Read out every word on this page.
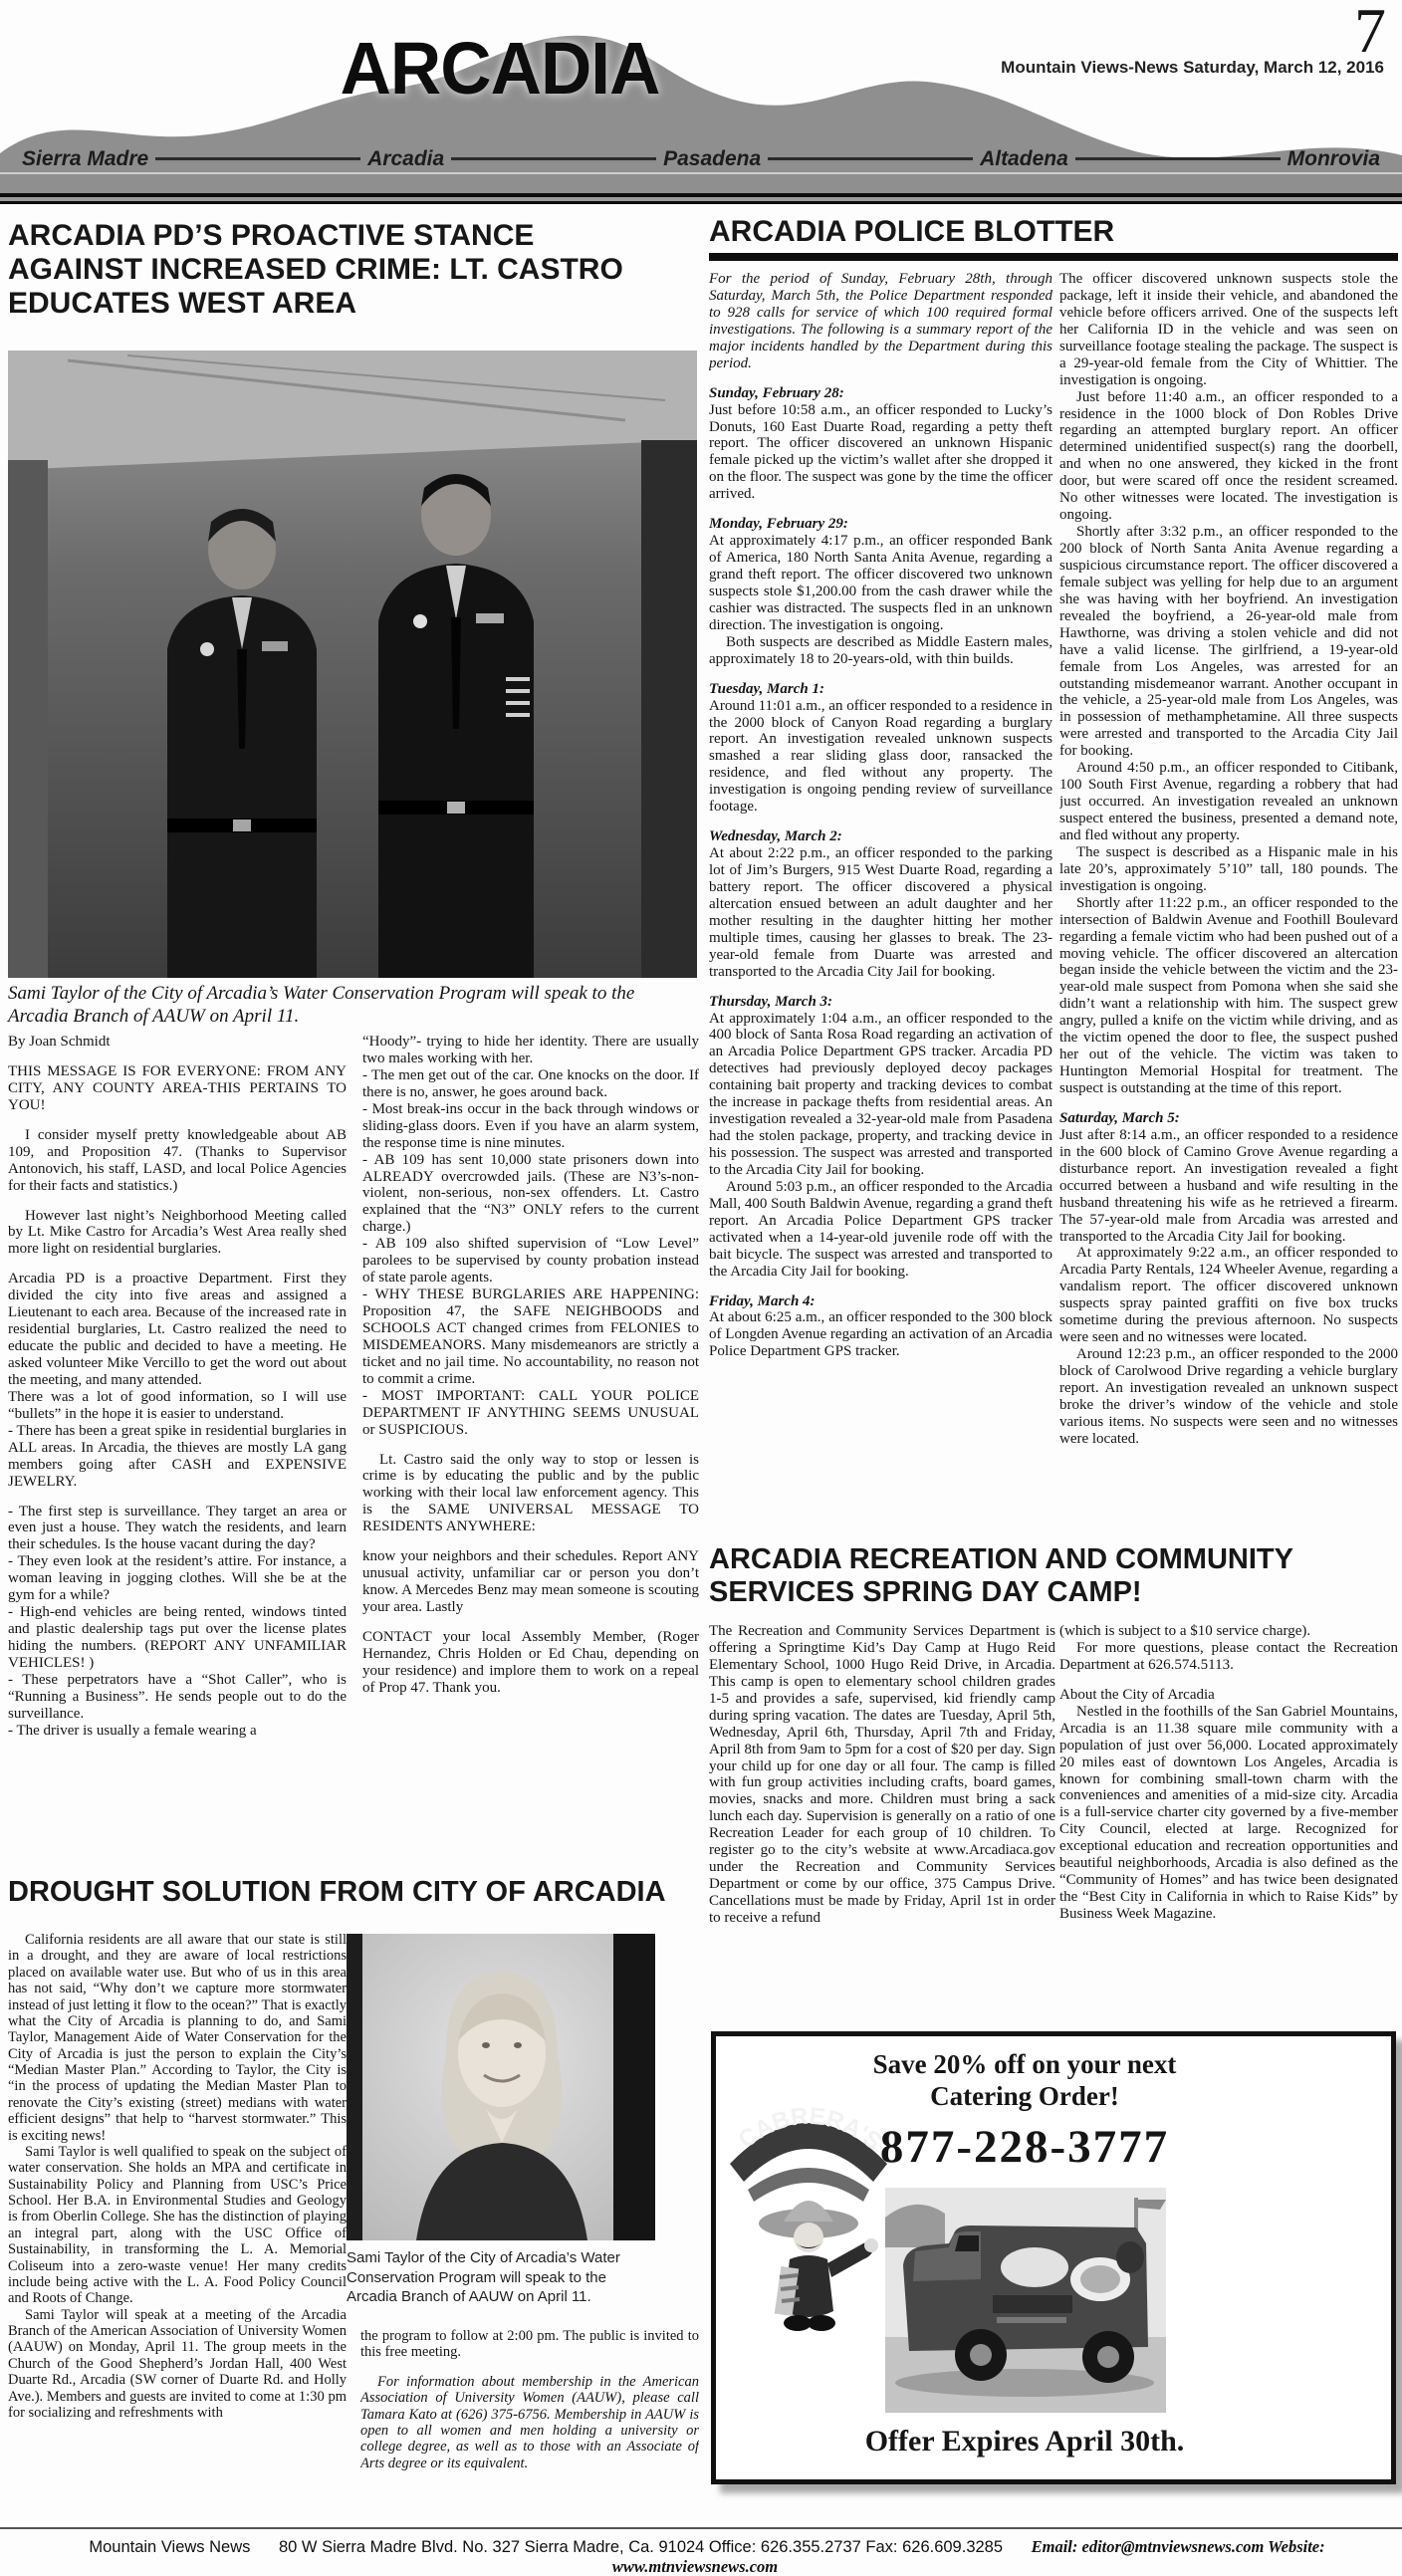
ARCADIA	7
Mountain Views-News Saturday, March 12, 2016
Sierra Madre	Arcadia	Pasadena	Altadena	Monrovia
ARCADIA PD’S PROACTIVE STANCE AGAINST INCREASED CRIME: LT. CASTRO EDUCATES WEST AREA
Sami Taylor of the City of Arcadia’s Water Conservation Program will speak to the Arcadia Branch of AAUW on April 11.

By Joan Schmidt

THIS MESSAGE IS FOR EVERYONE: FROM ANY CITY, ANY COUNTY AREA-THIS PERTAINS TO YOU!

I consider myself pretty knowledgeable about AB 109, and Proposition 47. (Thanks to Supervisor Antonovich, his staff, LASD, and local Police Agencies for their facts and statistics.)

However last night’s Neighborhood Meeting called by Lt. Mike Castro for Arcadia’s West Area really shed more light on residential burglaries.

Arcadia PD is a proactive Department. First they divided the city into five areas and assigned a Lieutenant to each area. Because of the increased rate in residential burglaries, Lt. Castro realized the need to educate the public and decided to have a meeting. He asked volunteer Mike Vercillo to get the word out about the meeting, and many attended.

There was a lot of good information, so I will use “bullets” in the hope it is easier to understand.

- There has been a great spike in residential burglaries in ALL areas. In Arcadia, the thieves are mostly LA gang members going after CASH and EXPENSIVE JEWELRY.

- The first step is surveillance. They target an area or even just a house. They watch the residents, and learn their schedules. Is the house vacant during the day?

- They even look at the resident’s attire. For instance, a woman leaving in jogging clothes. Will she be at the gym for a while?

- High-end vehicles are being rented, windows tinted and plastic dealership tags put over the license plates hiding the numbers. (REPORT ANY UNFAMILIAR VEHICLES! )

- These perpetrators have a “Shot Caller”, who is “Running a Business”. He sends people out to do the surveillance.

- The driver is usually a female wearing a

“Hoody”- trying to hide her identity. There are usually two males working with her.

- The men get out of the car. One knocks on the door. If there is no, answer, he goes around back.

- Most break-ins occur in the back through windows or sliding-glass doors. Even if you have an alarm system, the response time is nine minutes.

- AB 109 has sent 10,000 state prisoners down into ALREADY overcrowded jails. (These are N3’s-non-violent, non-serious, non-sex offenders. Lt. Castro explained that the “N3” ONLY refers to the current charge.)

- AB 109 also shifted supervision of “Low Level” parolees to be supervised by county probation instead of state parole agents.

- WHY THESE BURGLARIES ARE HAPPENING: Proposition 47, the SAFE NEIGHBOODS and SCHOOLS ACT changed crimes from FELONIES to MISDEMEANORS. Many misdemeanors are strictly a ticket and no jail time. No accountability, no reason not to commit a crime.

- MOST IMPORTANT: CALL YOUR POLICE DEPARTMENT IF ANYTHING SEEMS UNUSUAL or SUSPICIOUS.

Lt. Castro said the only way to stop or lessen is crime is by educating the public and by the public working with their local law enforcement agency. This is the SAME UNIVERSAL MESSAGE TO RESIDENTS ANYWHERE:

know your neighbors and their schedules. Report ANY unusual activity, unfamiliar car or person you don’t know. A Mercedes Benz may mean someone is scouting your area. Lastly

CONTACT your local Assembly Member, (Roger Hernandez, Chris Holden or Ed Chau, depending on your residence) and implore them to work on a repeal of Prop 47. Thank you.

ARCADIA POLICE BLOTTER

For the period of Sunday, February 28th, through Saturday, March 5th, the Police Department responded to 928 calls for service of which 100 required formal investigations. The following is a summary report of the major incidents handled by the Department during this period.

Sunday, February 28:
Just before 10:58 a.m., an officer responded to Lucky’s Donuts, 160 East Duarte Road, regarding a petty theft report. The officer discovered an unknown Hispanic female picked up the victim’s wallet after she dropped it on the floor. The suspect was gone by the time the officer arrived.

Monday, February 29:
At approximately 4:17 p.m., an officer responded Bank of America, 180 North Santa Anita Avenue, regarding a grand theft report. The officer discovered two unknown suspects stole $1,200.00 from the cash drawer while the cashier was distracted. The suspects fled in an unknown direction. The investigation is ongoing.

Both suspects are described as Middle Eastern males, approximately 18 to 20-years-old, with thin builds.

Tuesday, March 1:
Around 11:01 a.m., an officer responded to a residence in the 2000 block of Canyon Road regarding a burglary report. An investigation revealed unknown suspects smashed a rear sliding glass door, ransacked the residence, and fled without any property. The investigation is ongoing pending review of surveillance footage.

Wednesday, March 2:
At about 2:22 p.m., an officer responded to the parking lot of Jim’s Burgers, 915 West Duarte Road, regarding a battery report. The officer discovered a physical altercation ensued between an adult daughter and her mother resulting in the daughter hitting her mother multiple times, causing her glasses to break. The 23-year-old female from Duarte was arrested and transported to the Arcadia City Jail for booking.

Thursday, March 3:
At approximately 1:04 a.m., an officer responded to the 400 block of Santa Rosa Road regarding an activation of an Arcadia Police Department GPS tracker. Arcadia PD detectives had previously deployed decoy packages containing bait property and tracking devices to combat the increase in package thefts from residential areas. An investigation revealed a 32-year-old male from Pasadena had the stolen package, property, and tracking device in his possession. The suspect was arrested and transported to the Arcadia City Jail for booking.

Around 5:03 p.m., an officer responded to the Arcadia Mall, 400 South Baldwin Avenue, regarding a grand theft report. An Arcadia Police Department GPS tracker activated when a 14-year-old juvenile rode off with the bait bicycle. The suspect was arrested and transported to the Arcadia City Jail for booking.

Friday, March 4:
At about 6:25 a.m., an officer responded to the 300 block of Longden Avenue regarding an activation of an Arcadia Police Department GPS tracker.

The officer discovered unknown suspects stole the package, left it inside their vehicle, and abandoned the vehicle before officers arrived. One of the suspects left her California ID in the vehicle and was seen on surveillance footage stealing the package. The suspect is a 29-year-old female from the City of Whittier. The investigation is ongoing.

Just before 11:40 a.m., an officer responded to a residence in the 1000 block of Don Robles Drive regarding an attempted burglary report. An officer determined unidentified suspect(s) rang the doorbell, and when no one answered, they kicked in the front door, but were scared off once the resident screamed. No other witnesses were located. The investigation is ongoing.

Shortly after 3:32 p.m., an officer responded to the 200 block of North Santa Anita Avenue regarding a suspicious circumstance report. The officer discovered a female subject was yelling for help due to an argument she was having with her boyfriend. An investigation revealed the boyfriend, a 26-year-old male from Hawthorne, was driving a stolen vehicle and did not have a valid license. The girlfriend, a 19-year-old female from Los Angeles, was arrested for an outstanding misdemeanor warrant. Another occupant in the vehicle, a 25-year-old male from Los Angeles, was in possession of methamphetamine. All three suspects were arrested and transported to the Arcadia City Jail for booking.

Around 4:50 p.m., an officer responded to Citibank, 100 South First Avenue, regarding a robbery that had just occurred. An investigation revealed an unknown suspect entered the business, presented a demand note, and fled without any property.

The suspect is described as a Hispanic male in his late 20’s, approximately 5’10” tall, 180 pounds. The investigation is ongoing.

Shortly after 11:22 p.m., an officer responded to the intersection of Baldwin Avenue and Foothill Boulevard regarding a female victim who had been pushed out of a moving vehicle. The officer discovered an altercation began inside the vehicle between the victim and the 23-year-old male suspect from Pomona when she said she didn’t want a relationship with him. The suspect grew angry, pulled a knife on the victim while driving, and as the victim opened the door to flee, the suspect pushed her out of the vehicle. The victim was taken to Huntington Memorial Hospital for treatment. The suspect is outstanding at the time of this report.

Saturday, March 5:
Just after 8:14 a.m., an officer responded to a residence in the 600 block of Camino Grove Avenue regarding a disturbance report. An investigation revealed a fight occurred between a husband and wife resulting in the husband threatening his wife as he retrieved a firearm. The 57-year-old male from Arcadia was arrested and transported to the Arcadia City Jail for booking.

At approximately 9:22 a.m., an officer responded to Arcadia Party Rentals, 124 Wheeler Avenue, regarding a vandalism report. The officer discovered unknown suspects spray painted graffiti on five box trucks sometime during the previous afternoon. No suspects were seen and no witnesses were located.

Around 12:23 p.m., an officer responded to the 2000 block of Carolwood Drive regarding a vehicle burglary report. An investigation revealed an unknown suspect broke the driver’s window of the vehicle and stole various items. No suspects were seen and no witnesses were located.

ARCADIA RECREATION AND COMMUNITY SERVICES SPRING DAY CAMP!

The Recreation and Community Services Department is offering a Springtime Kid’s Day Camp at Hugo Reid Elementary School, 1000 Hugo Reid Drive, in Arcadia. This camp is open to elementary school children grades 1-5 and provides a safe, supervised, kid friendly camp during spring vacation. The dates are Tuesday, April 5th, Wednesday, April 6th, Thursday, April 7th and Friday, April 8th from 9am to 5pm for a cost of $20 per day. Sign your child up for one day or all four. The camp is filled with fun group activities including crafts, board games, movies, snacks and more. Children must bring a sack lunch each day. Supervision is generally on a ratio of one Recreation Leader for each group of 10 children. To register go to the city’s website at www.Arcadiaca.gov under the Recreation and Community Services Department or come by our office, 375 Campus Drive. Cancellations must be made by Friday, April 1st in order to receive a refund

(which is subject to a $10 service charge).

For more questions, please contact the Recreation Department at 626.574.5113.

About the City of Arcadia

Nestled in the foothills of the San Gabriel Mountains, Arcadia is an 11.38 square mile community with a population of just over 56,000. Located approximately 20 miles east of downtown Los Angeles, Arcadia is known for combining small-town charm with the conveniences and amenities of a mid-size city. Arcadia is a full-service charter city governed by a five-member City Council, elected at large. Recognized for exceptional education and recreation opportunities and beautiful neighborhoods, Arcadia is also defined as the “Community of Homes” and has twice been designated the “Best City in California in which to Raise Kids” by Business Week Magazine.

DROUGHT SOLUTION FROM CITY OF ARCADIA

California residents are all aware that our state is still in a drought, and they are aware of local restrictions placed on available water use. But who of us in this area has not said, “Why don’t we capture more stormwater instead of just letting it flow to the ocean?” That is exactly what the City of Arcadia is planning to do, and Sami Taylor, Management Aide of Water Conservation for the City of Arcadia is just the person to explain the City’s “Median Master Plan.” According to Taylor, the City is “in the process of updating the Median Master Plan to renovate the City’s existing (street) medians with water efficient designs” that help to “harvest stormwater.” This is exciting news!

Sami Taylor is well qualified to speak on the subject of water conservation. She holds an MPA and certificate in Sustainability Policy and Planning from USC’s Price School. Her B.A. in Environmental Studies and Geology is from Oberlin College. She has the distinction of playing an integral part, along with the USC Office of Sustainability, in transforming the L. A. Memorial Coliseum into a zero-waste venue! Her many credits include being active with the L. A. Food Policy Council and Roots of Change.

Sami Taylor will speak at a meeting of the Arcadia Branch of the American Association of University Women (AAUW) on Monday, April 11. The group meets in the Church of the Good Shepherd’s Jordan Hall, 400 West Duarte Rd., Arcadia (SW corner of Duarte Rd. and Holly Ave.). Members and guests are invited to come at 1:30 pm for socializing and refreshments with

Sami Taylor of the City of Arcadia’s Water Conservation Program will speak to the Arcadia Branch of AAUW on April 11.

the program to follow at 2:00 pm. The public is invited to this free meeting.

For information about membership in the American Association of University Women (AAUW), please call Tamara Kato at (626) 375-6756. Membership in AAUW is open to all women and men holding a university or college degree, as well as to those with an Associate of Arts degree or its equivalent.

CABRERA'S
MEXICAN · CUISINE
Save 20% off on your next
Catering Order!
877-228-3777
Offer Expires April 30th.
Mountain Views News 80 W Sierra Madre Blvd. No. 327 Sierra Madre, Ca. 91024 Office: 626.355.2737 Fax: 626.609.3285 Email: editor@mtnviewsnews.com Website: www.mtnviewsnews.com
